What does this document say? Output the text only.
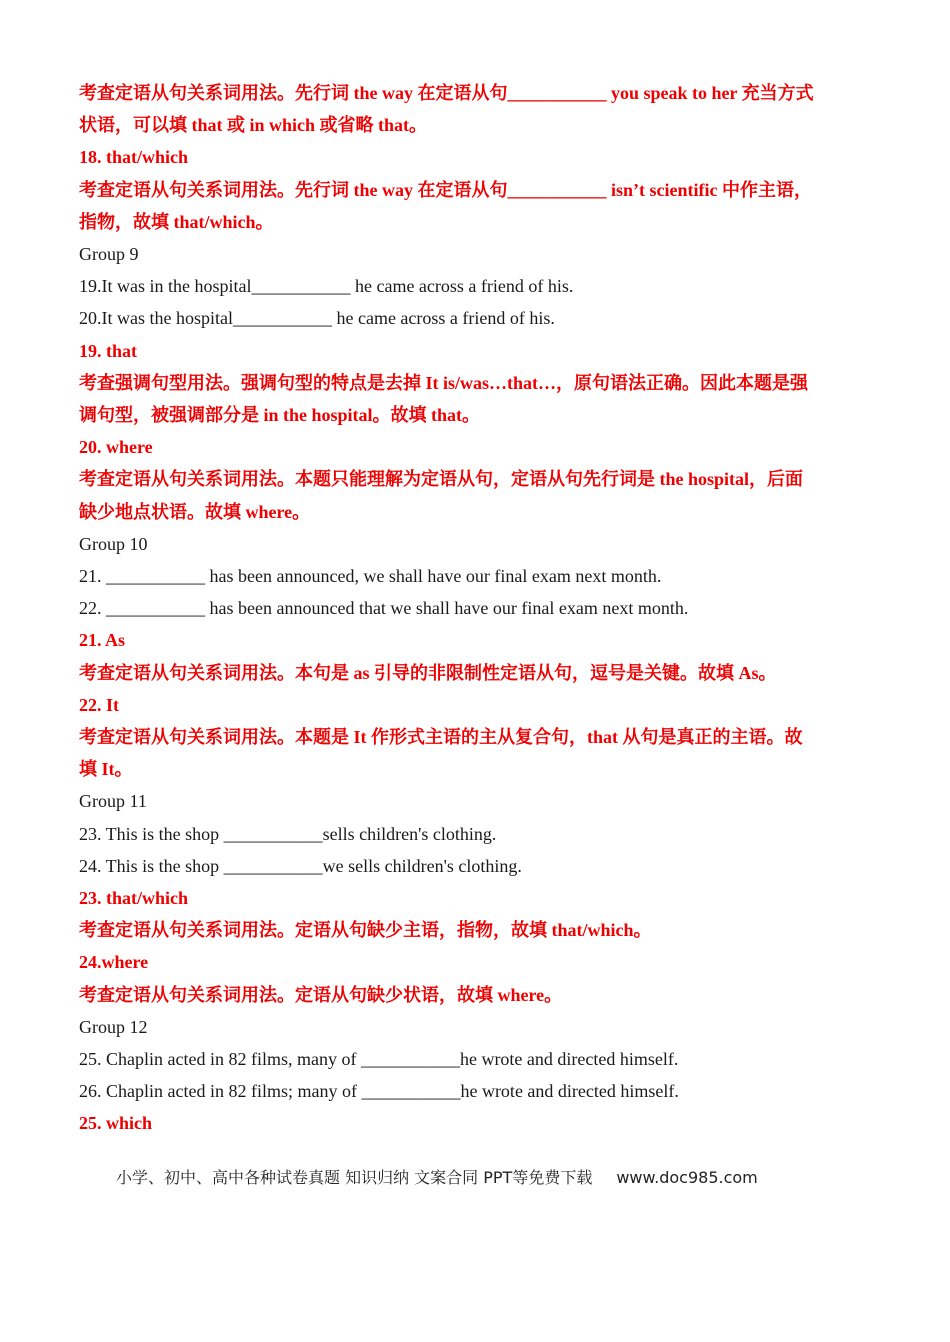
考查定语从句关系词用法。先行词 the way 在定语从句___________ you speak to her 充当方式
状语，可以填 that 或 in which 或省略 that。
18. that/which
考查定语从句关系词用法。先行词 the way 在定语从句___________ isn’t scientific 中作主语，
指物，故填 that/which。
Group 9
19.It was in the hospital___________ he came across a friend of his.
20.It was the hospital___________ he came across a friend of his.
19. that
考查强调句型用法。强调句型的特点是去掉 It is/was…that…，原句语法正确。因此本题是强
调句型，被强调部分是 in the hospital。故填 that。
20. where
考查定语从句关系词用法。本题只能理解为定语从句，定语从句先行词是 the hospital，后面
缺少地点状语。故填 where。
Group 10
21. ___________ has been announced, we shall have our final exam next month.
22. ___________ has been announced that we shall have our final exam next month.
21. As
考查定语从句关系词用法。本句是 as 引导的非限制性定语从句，逗号是关键。故填 As。
22. It
考查定语从句关系词用法。本题是 It 作形式主语的主从复合句，that 从句是真正的主语。故
填 It。
Group 11
23. This is the shop ___________sells children's clothing.
24. This is the shop ___________we sells children's clothing.
23. that/which
考查定语从句关系词用法。定语从句缺少主语，指物，故填 that/which。
24.where
考查定语从句关系词用法。定语从句缺少状语，故填 where。
Group 12
25. Chaplin acted in 82 films, many of ___________he wrote and directed himself.
26. Chaplin acted in 82 films; many of ___________he wrote and directed himself.
25. which
小学、初中、高中各种试卷真题 知识归纳 文案合同 PPT等免费下载 www.doc985.com
